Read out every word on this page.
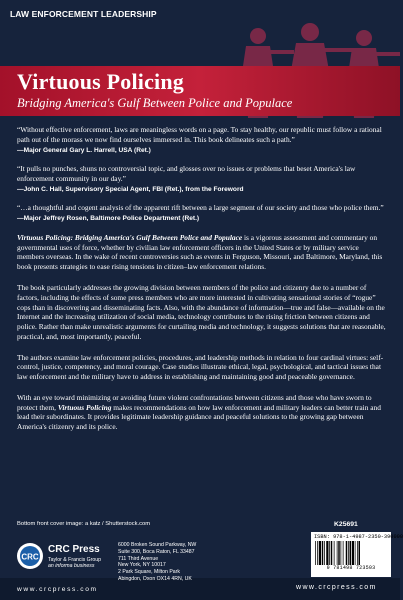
LAW ENFORCEMENT LEADERSHIP
Virtuous Policing
Bridging America's Gulf Between Police and Populace

“Without effective enforcement, laws are meaningless words on a page. To stay healthy, our republic must follow a rational path out of the morass we now find ourselves immersed in. This book delineates such a path.”

—Major General Gary L. Harrell, USA (Ret.)

“It pulls no punches, shuns no controversial topic, and glosses over no issues or problems that beset America's law enforcement community in our day.”

—John C. Hall, Supervisory Special Agent, FBI (Ret.), from the Foreword

“…a thoughtful and cogent analysis of the apparent rift between a large segment of our society and those who police them.”

—Major Jeffrey Rosen, Baltimore Police Department (Ret.)

Virtuous Policing: Bridging America's Gulf Between Police and Populace is a vigorous assessment and commentary on governmental uses of force, whether by civilian law enforcement officers in the United States or by military service members overseas. In the wake of recent controversies such as events in Ferguson, Missouri, and Baltimore, Maryland, this book presents strategies to ease rising tensions in citizen–law enforcement relations.

The book particularly addresses the growing division between members of the police and citizenry due to a number of factors, including the effects of some press members who are more interested in cultivating sensational stories of “rogue” cops than in discovering and disseminating facts. Also, with the abundance of information—true and false—available on the Internet and the increasing utilization of social media, technology contributes to the rising friction between citizens and police. Rather than make unrealistic arguments for curtailing media and technology, it suggests solutions that are reasonable, practical, and, most importantly, peaceful.

The authors examine law enforcement policies, procedures, and leadership methods in relation to four cardinal virtues: self-control, justice, competency, and moral courage. Case studies illustrate ethical, legal, psychological, and tactical issues that law enforcement and the military have to address in establishing and maintaining good and peaceable governance.

With an eye toward minimizing or avoiding future violent confrontations between citizens and those who have sworn to protect them, Virtuous Policing makes recommendations on how law enforcement and military leaders can better train and lead their subordinates. It provides legitimate leadership guidance and peaceful solutions to the growing gap between America's citizenry and its police.

Bottom front cover image: a katz / Shutterstock.com	K25691
CRC
CRC Press
Taylor & Francis Group
an informa business
www.crcpress.com
6000 Broken Sound Parkway, NW
Suite 300, Boca Raton, FL 33487
711 Third Avenue
New York, NY 10017
2 Park Square, Milton Park
Abingdon, Oxon OX14 4RN, UK
ISBN: 978-1-4987-2350-3 90000
9 781498 723503
www.crcpress.com
